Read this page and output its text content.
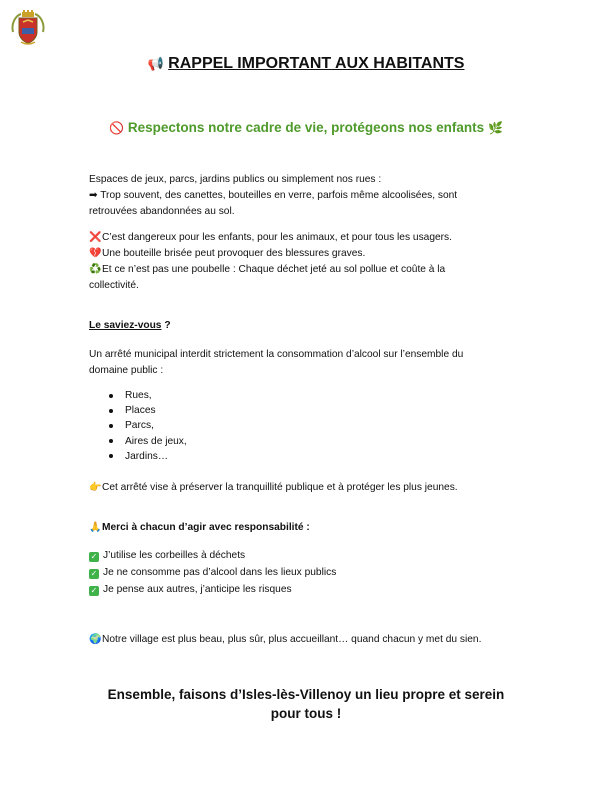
📢 RAPPEL IMPORTANT AUX HABITANTS
🚫 Respectons notre cadre de vie, protégeons nos enfants 🌿
Espaces de jeux, parcs, jardins publics ou simplement nos rues :
➡ Trop souvent, des canettes, bouteilles en verre, parfois même alcoolisées, sont
retrouvées abandonnées au sol.
❌C’est dangereux pour les enfants, pour les animaux, et pour tous les usagers.
💔Une bouteille brisée peut provoquer des blessures graves.
♻️Et ce n’est pas une poubelle : Chaque déchet jeté au sol pollue et coûte à la
collectivité.
Le saviez-vous ?
Un arrêté municipal interdit strictement la consommation d’alcool sur l’ensemble du
domaine public :
Rues,
Places
Parcs,
Aires de jeux,
Jardins…
👉Cet arrêté vise à préserver la tranquillité publique et à protéger les plus jeunes.
🙏Merci à chacun d’agir avec responsabilité :
✓ J’utilise les corbeilles à déchets
✓ Je ne consomme pas d’alcool dans les lieux publics
✓ Je pense aux autres, j’anticipe les risques
🌍Notre village est plus beau, plus sûr, plus accueillant… quand chacun y met du sien.
Ensemble, faisons d’Isles-lès-Villenoy un lieu propre et serein
pour tous !
